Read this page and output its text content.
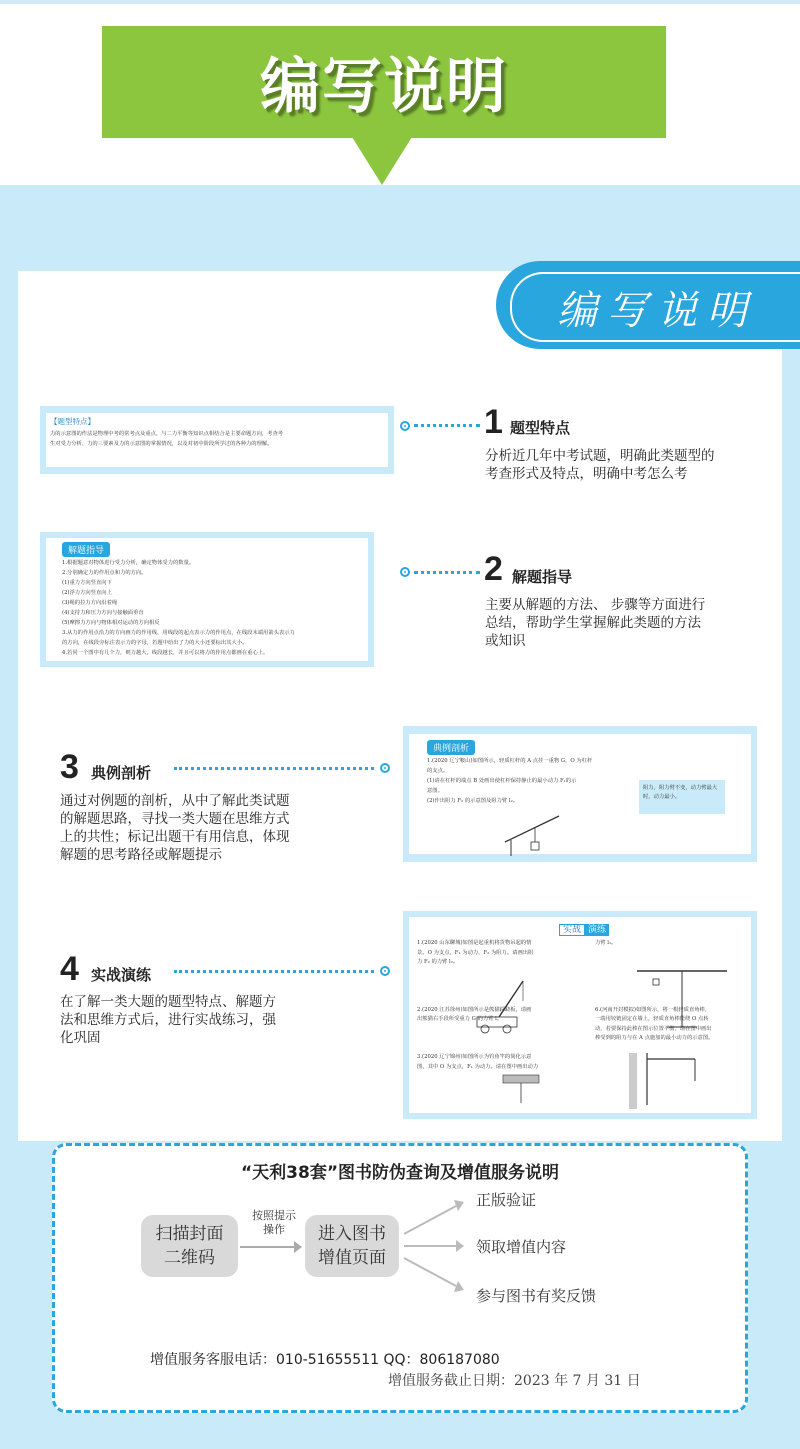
编写说明
编写说明
【题型特点】
力的示意图的作法是物理中考的常考点及重点，与二力平衡等知识点相结合是主要命题方向，考查考
生对受力分析、力的三要素及力的示意图的掌握情况，以及对初中阶段所学过的各种力的理解。
解题指导
1.根据题意对物体进行受力分析，确定物体受力的数量。
2.分别确定力的作用点和力的方向。
(1)重力方向竖直向下
(2)浮力方向竖直向上
(3)绳的拉力方向沿着绳
(4)支持力和压力方向与接触面垂直
(5)摩擦力方向与物体相对运动的方向相反
3.从力的作用点沿力的方向画力的作用线，用线段的起点表示力的作用点，在线段末端用箭头表示力
的方向，在线段旁标注表示力的字母，若题中给出了力的大小还要标出其大小。
4.若同一个图中有几个力，则力越大，线段越长，并且可以将力的作用点都画在重心上。
典例剖析
1.(2020 辽宁鞍山)如图所示，轻质杠杆的 A 点挂一重物 G，O 为杠杆
的支点。
(1)请在杠杆的端点 B 处画出使杠杆保持静止的最小动力 F₁的示
意图。
(2)作出阻力 F₂ 的示意图及阻力臂 l₂。
阻力，阻力臂不变，动力臂最大
时，动力最小。
实战 演练
1.(2020 山东聊城)如图是起重机将货物吊起的情
景。O 为支点，F₁ 为动力，F₂ 为阻力。请画出阻
力 F₂ 的力臂 l₂。

2.(2020 江苏徐州)如图所示是熊猫踩跷板，请画
出熊猫右手段所受重力 G 的力臂 l。

3.(2020 辽宁锦州)如图所示为钓鱼竿的简化示意
图，其中 O 为支点，F₁ 为动力。请在图中画出动力
力臂 l₁。

6.(河南开封模拟)如图所示，将一根轻质直角棒，
一端用铰链固定在墙上，轻质直角棒能绕 O 点转
动，若要保持此棒在图示位置平衡，请在图中画出
棒受到的阻力与在 A 点施加的最小动力的示意图。
1 题型特点
分析近几年中考试题，明确此类题型的
考查形式及特点，明确中考怎么考
2 解题指导
主要从解题的方法、 步骤等方面进行
总结，帮助学生掌握解此类题的方法
或知识
3 典例剖析
通过对例题的剖析，从中了解此类试题
的解题思路，寻找一类大题在思维方式
上的共性；标记出题干有用信息，体现
解题的思考路径或解题提示
4 实战演练
在了解一类大题的题型特点、解题方
法和思维方式后，进行实战练习，强
化巩固
“天利38套”图书防伪查询及增值服务说明
扫描封面
二维码
按照提示
操作	进入图书
增值页面
正版验证
领取增值内容
参与图书有奖反馈
增值服务客服电话：010-51655511 QQ：806187080
增值服务截止日期：2023 年 7 月 31 日
